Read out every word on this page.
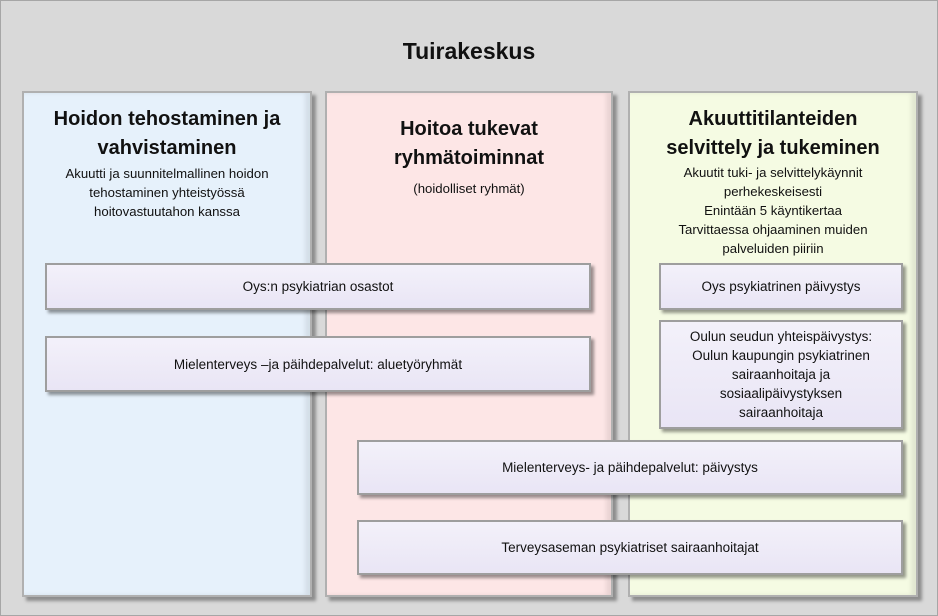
Tuirakeskus
Hoidon tehostaminen ja
vahvistaminen
Akuutti ja suunnitelmallinen hoidon
tehostaminen yhteistyössä
hoitovastuutahon kanssa
Hoitoa tukevat
ryhmätoiminnat
(hoidolliset ryhmät)
Akuuttitilanteiden
selvittely ja tukeminen
Akuutit tuki- ja selvittelykäynnit
perhekeskeisesti
Enintään 5 käyntikertaa
Tarvittaessa ohjaaminen muiden
palveluiden piiriin
Oys:n psykiatrian osastot
Mielenterveys –ja päihdepalvelut: aluetyöryhmät
Oys psykiatrinen päivystys
Oulun seudun yhteispäivystys:
Oulun kaupungin psykiatrinen
sairaanhoitaja ja
sosiaalipäivystyksen
sairaanhoitaja
Mielenterveys- ja päihdepalvelut: päivystys
Terveysaseman psykiatriset sairaanhoitajat
